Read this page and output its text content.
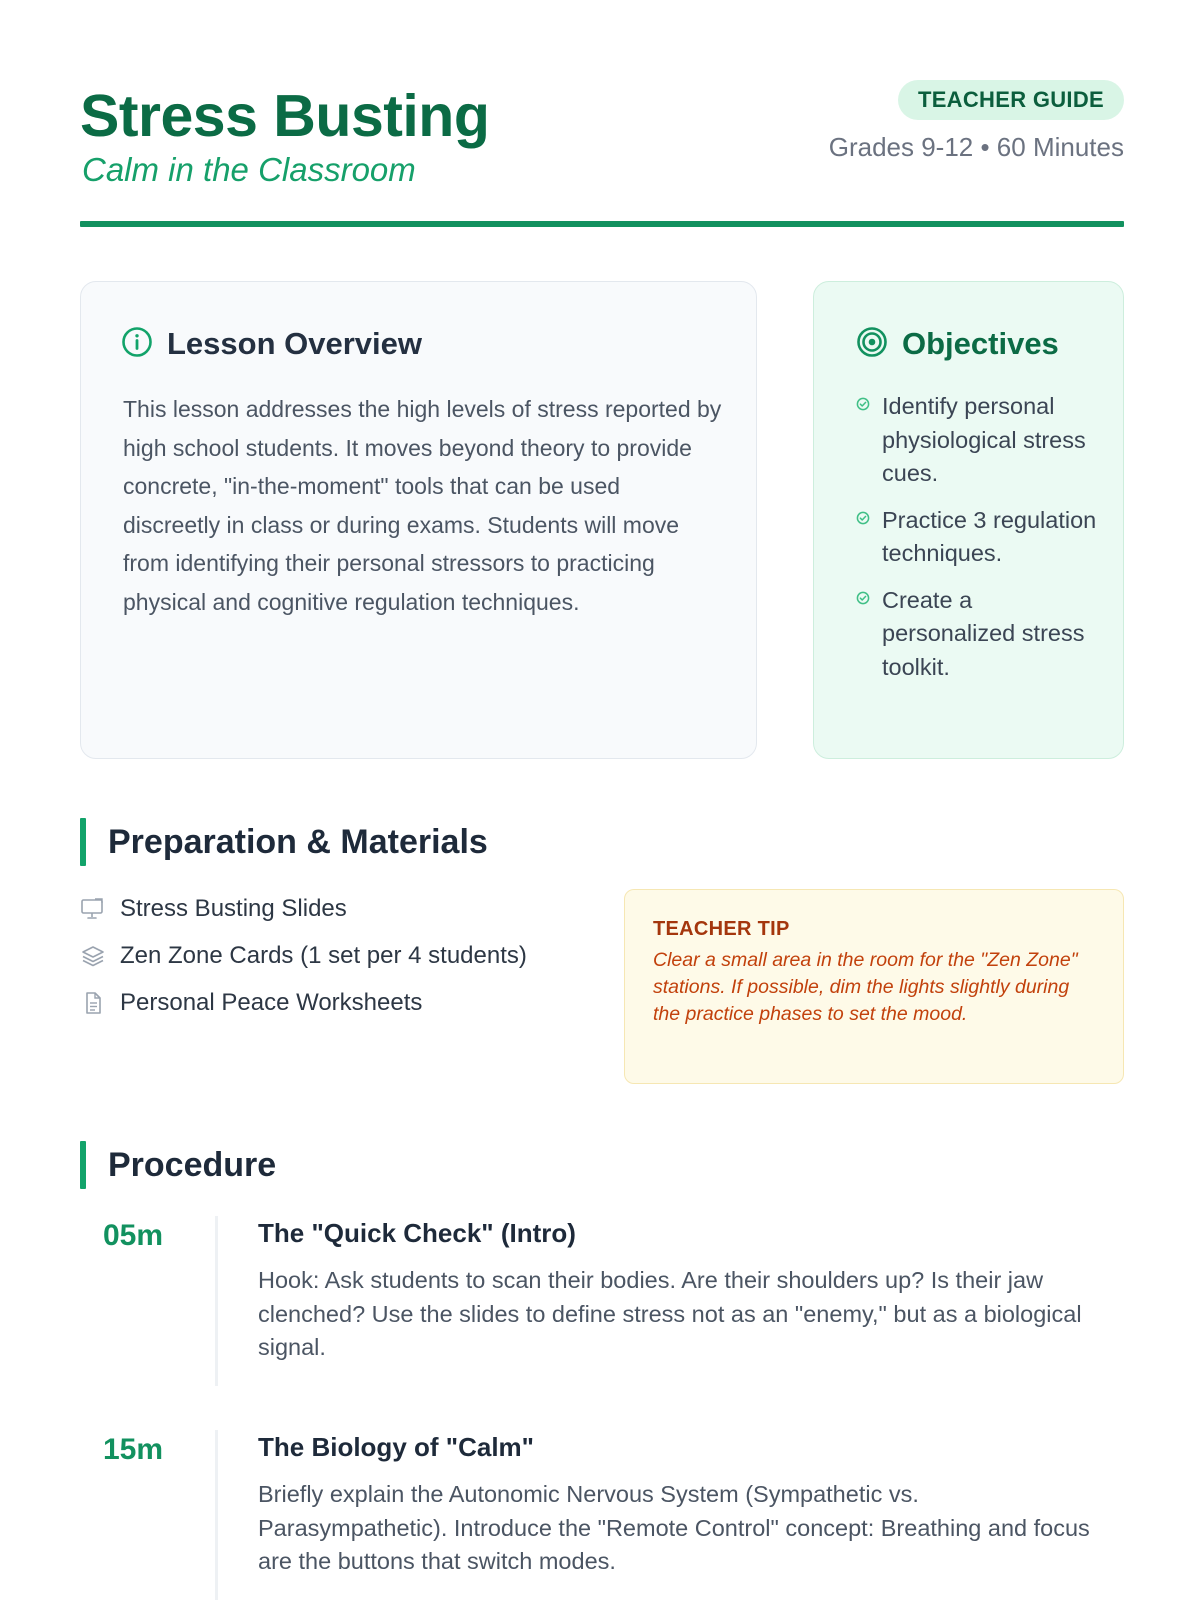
Stress Busting
Calm in the Classroom
TEACHER GUIDE
Grades 9-12 • 60 Minutes
Lesson Overview

This lesson addresses the high levels of stress reported by high school students. It moves beyond theory to provide concrete, "in-the-moment" tools that can be used discreetly in class or during exams. Students will move from identifying their personal stressors to practicing physical and cognitive regulation techniques.

Objectives
Identify personal physiological stress cues.
Practice 3 regulation techniques.
Create a personalized stress toolkit.
Preparation & Materials
Stress Busting Slides
Zen Zone Cards (1 set per 4 students)
Personal Peace Worksheets
TEACHER TIP
Clear a small area in the room for the "Zen Zone" stations. If possible, dim the lights slightly during the practice phases to set the mood.
Procedure
05m	The "Quick Check" (Intro)

Hook: Ask students to scan their bodies. Are their shoulders up? Is their jaw clenched? Use the slides to define stress not as an "enemy," but as a biological signal.

15m	The Biology of "Calm"

Briefly explain the Autonomic Nervous System (Sympathetic vs. Parasympathetic). Introduce the "Remote Control" concept: Breathing and focus are the buttons that switch modes.
